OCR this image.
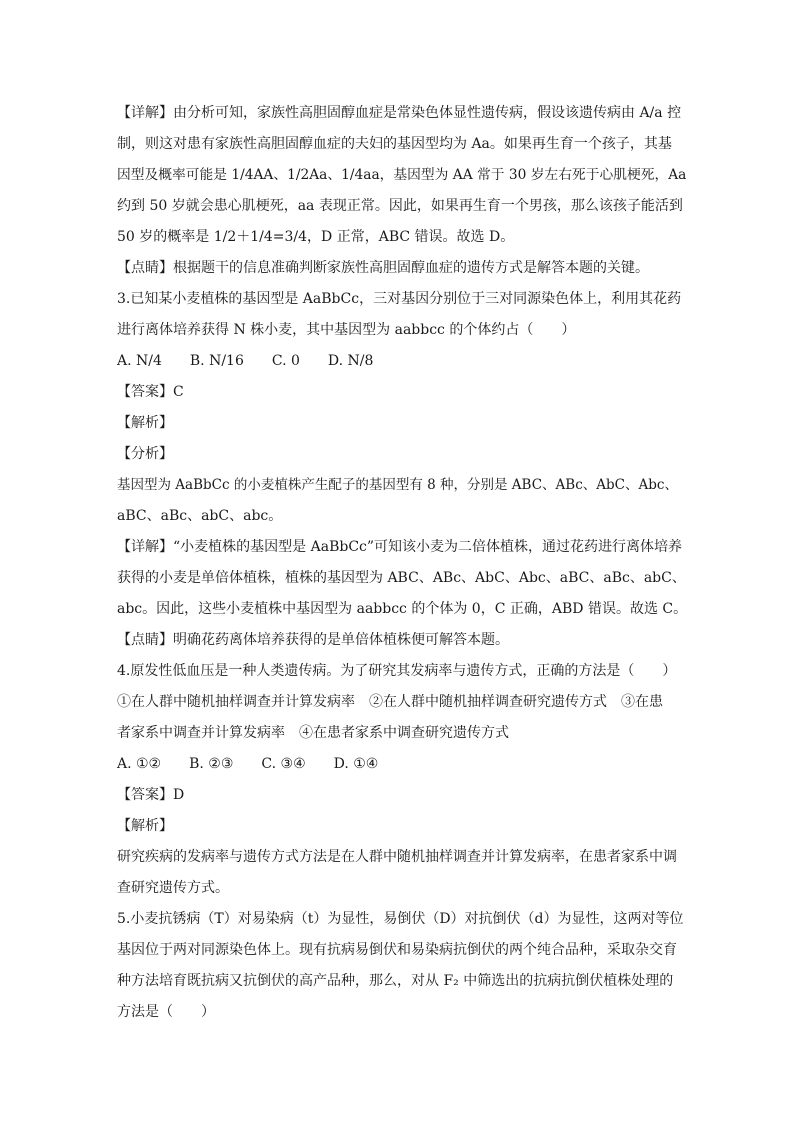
【详解】由分析可知，家族性高胆固醇血症是常染色体显性遗传病，假设该遗传病由 A/a 控
制，则这对患有家族性高胆固醇血症的夫妇的基因型均为 Aa。如果再生育一个孩子，其基
因型及概率可能是 1/4AA、1/2Aa、1/4aa，基因型为 AA 常于 30 岁左右死于心肌梗死，Aa
约到 50 岁就会患心肌梗死，aa 表现正常。因此，如果再生育一个男孩，那么该孩子能活到
50 岁的概率是 1/2＋1/4=3/4，D 正常，ABC 错误。故选 D。
【点睛】根据题干的信息准确判断家族性高胆固醇血症的遗传方式是解答本题的关键。
3.已知某小麦植株的基因型是 AaBbCc，三对基因分别位于三对同源染色体上，利用其花药
进行离体培养获得 N 株小麦，其中基因型为 aabbcc 的个体约占（　　）
A. N/4　　B. N/16　　C. 0　　D. N/8
【答案】C
【解析】
【分析】
基因型为 AaBbCc 的小麦植株产生配子的基因型有 8 种，分别是 ABC、ABc、AbC、Abc、
aBC、aBc、abC、abc。
【详解】“小麦植株的基因型是 AaBbCc”可知该小麦为二倍体植株，通过花药进行离体培养
获得的小麦是单倍体植株，植株的基因型为 ABC、ABc、AbC、Abc、aBC、aBc、abC、
abc。因此，这些小麦植株中基因型为 aabbcc 的个体为 0，C 正确，ABD 错误。故选 C。
【点睛】明确花药离体培养获得的是单倍体植株便可解答本题。
4.原发性低血压是一种人类遗传病。为了研究其发病率与遗传方式，正确的方法是（　　）
①在人群中随机抽样调查并计算发病率　②在人群中随机抽样调查研究遗传方式　③在患
者家系中调查并计算发病率　④在患者家系中调查研究遗传方式
A. ①②　　B. ②③　　C. ③④　　D. ①④
【答案】D
【解析】
研究疾病的发病率与遗传方式方法是在人群中随机抽样调查并计算发病率，在患者家系中调
查研究遗传方式。
5.小麦抗锈病（T）对易染病（t）为显性，易倒伏（D）对抗倒伏（d）为显性，这两对等位
基因位于两对同源染色体上。现有抗病易倒伏和易染病抗倒伏的两个纯合品种，采取杂交育
种方法培育既抗病又抗倒伏的高产品种，那么，对从 F₂ 中筛选出的抗病抗倒伏植株处理的
方法是（　　）
